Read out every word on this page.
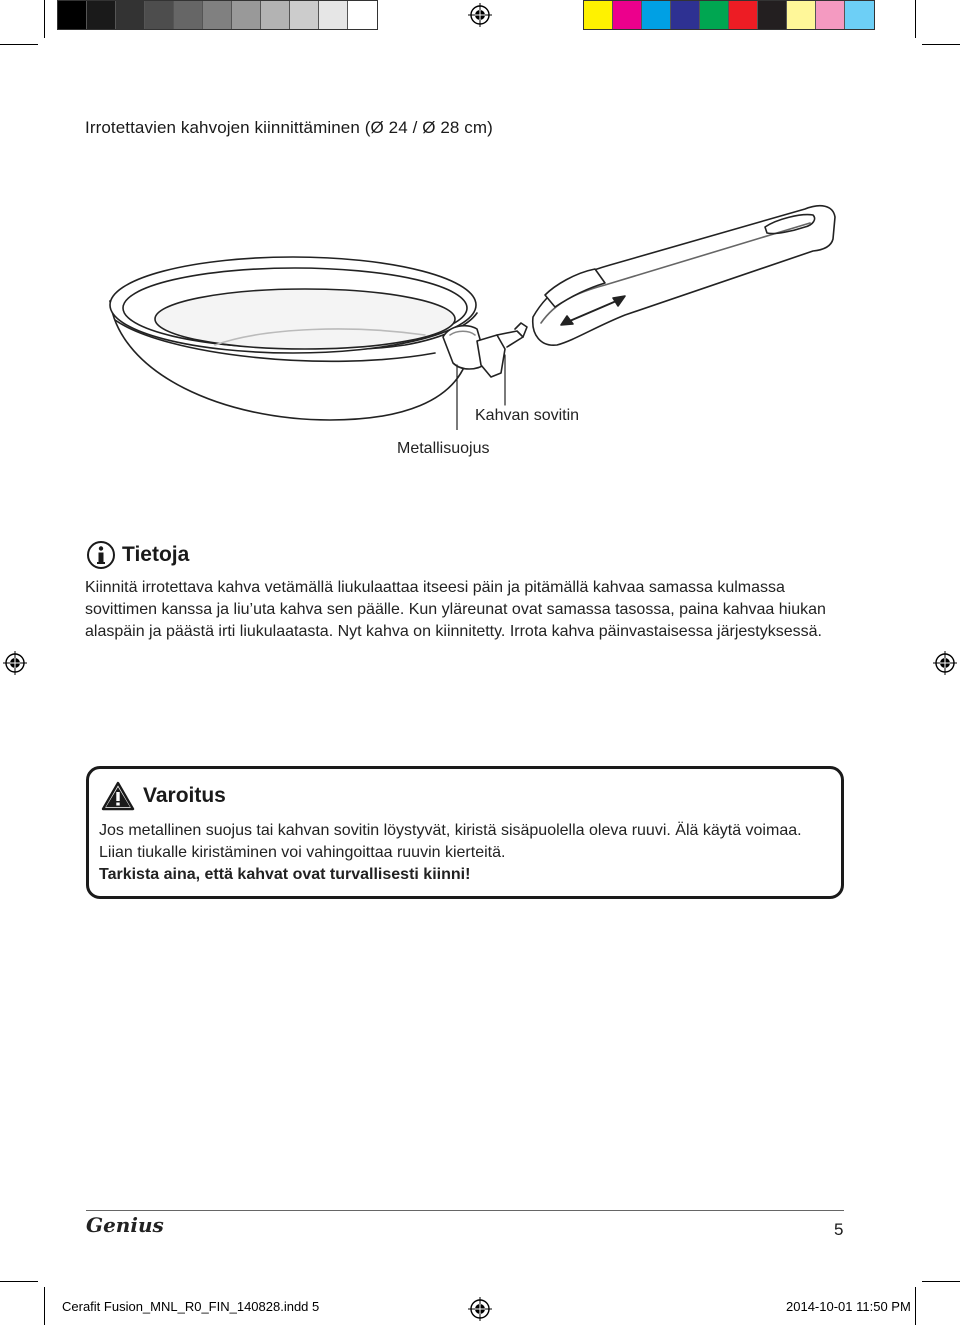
Irrotettavien kahvojen kiinnittäminen (Ø 24 / Ø 28 cm)
Kahvan sovitin
Metallisuojus
Tietoja
Kiinnitä irrotettava kahva vetämällä liukulaattaa itseesi päin ja pitämällä kahvaa samassa kulmassa sovittimen kanssa ja liu’uta kahva sen päälle. Kun yläreunat ovat samassa tasossa, paina kahvaa hiukan alaspäin ja päästä irti liukulaatasta. Nyt kahva on kiinnitetty. Irrota kahva päinvastaisessa järjestyksessä.
Varoitus
Jos metallinen suojus tai kahvan sovitin löystyvät, kiristä sisäpuolella oleva ruuvi. Älä käytä voimaa. Liian tiukalle kiristäminen voi vahingoittaa ruuvin kierteitä.
Tarkista aina, että kahvat ovat turvallisesti kiinni!
Genius	5
Cerafit Fusion_MNL_R0_FIN_140828.indd 5	2014-10-01 11:50 PM
